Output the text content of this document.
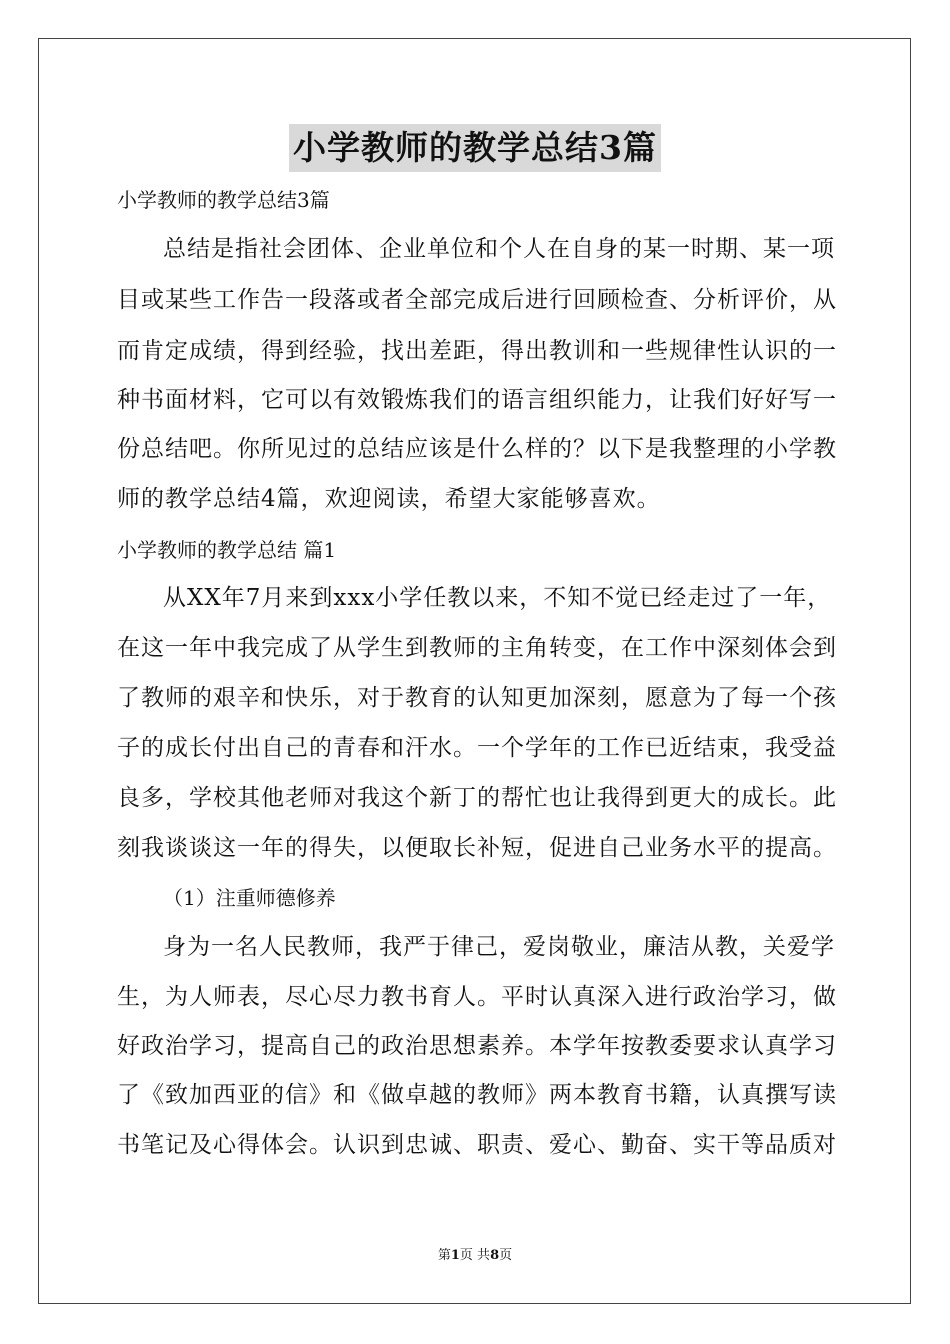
小学教师的教学总结3篇
小学教师的教学总结3篇
总结是指社会团体、企业单位和个人在自身的某一时期、某一项
目或某些工作告一段落或者全部完成后进行回顾检查、分析评价，从
而肯定成绩，得到经验，找出差距，得出教训和一些规律性认识的一
种书面材料，它可以有效锻炼我们的语言组织能力，让我们好好写一
份总结吧。你所见过的总结应该是什么样的？以下是我整理的小学教
师的教学总结4篇，欢迎阅读，希望大家能够喜欢。
小学教师的教学总结 篇1
从XX年7月来到xxx小学任教以来，不知不觉已经走过了一年，
在这一年中我完成了从学生到教师的主角转变，在工作中深刻体会到
了教师的艰辛和快乐，对于教育的认知更加深刻，愿意为了每一个孩
子的成长付出自己的青春和汗水。一个学年的工作已近结束，我受益
良多，学校其他老师对我这个新丁的帮忙也让我得到更大的成长。此
刻我谈谈这一年的得失，以便取长补短，促进自己业务水平的提高。
（1）注重师德修养
身为一名人民教师，我严于律己，爱岗敬业，廉洁从教，关爱学
生，为人师表，尽心尽力教书育人。平时认真深入进行政治学习，做
好政治学习，提高自己的政治思想素养。本学年按教委要求认真学习
了《致加西亚的信》和《做卓越的教师》两本教育书籍，认真撰写读
书笔记及心得体会。认识到忠诚、职责、爱心、勤奋、实干等品质对
第1页 共8页
